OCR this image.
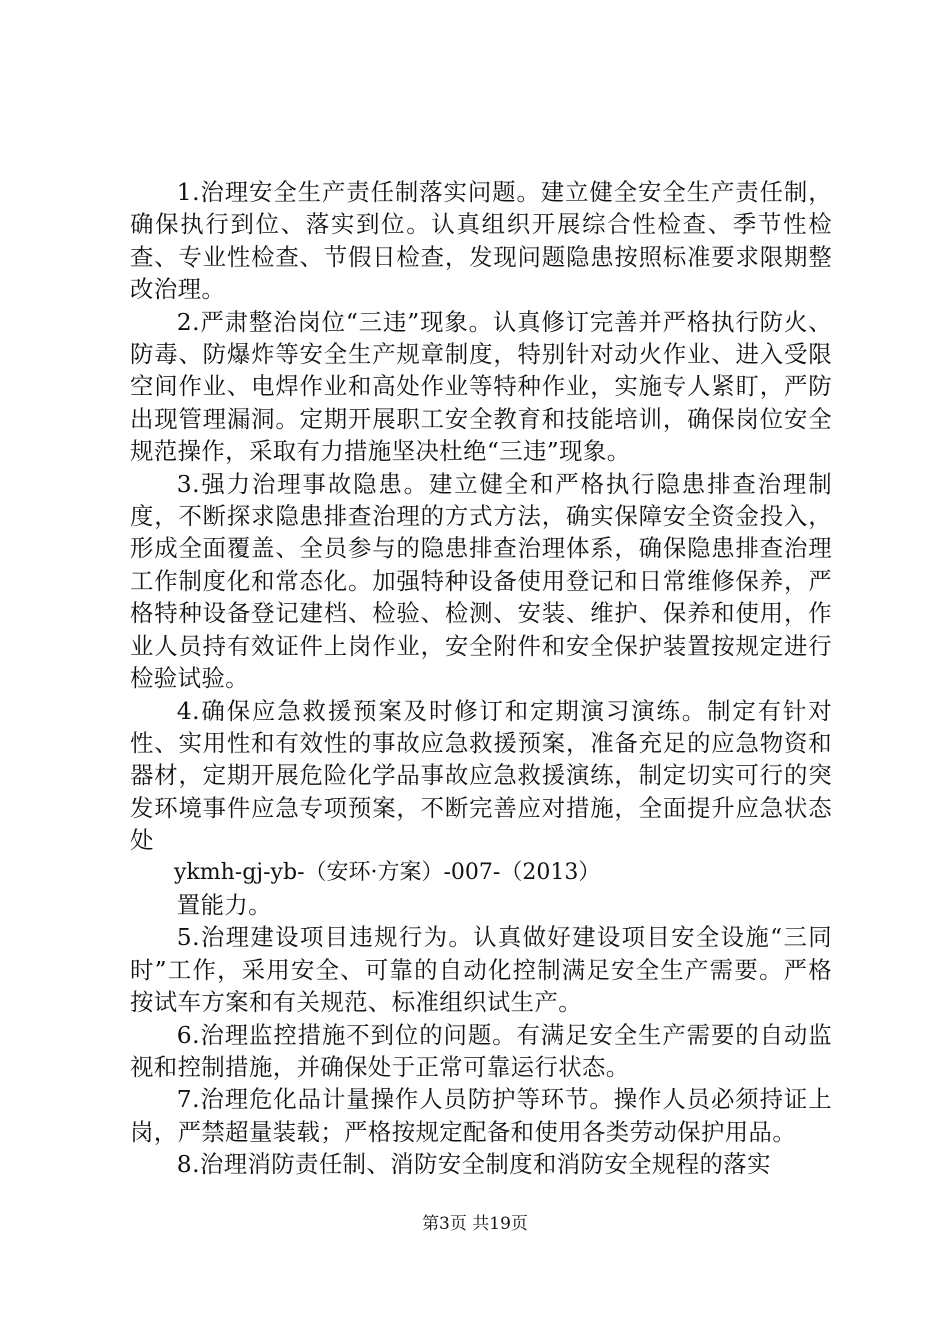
1.治理安全生产责任制落实问题。建立健全安全生产责任制，确保执行到位、落实到位。认真组织开展综合性检查、季节性检查、专业性检查、节假日检查，发现问题隐患按照标准要求限期整改治理。

2.严肃整治岗位“三违”现象。认真修订完善并严格执行防火、防毒、防爆炸等安全生产规章制度，特别针对动火作业、进入受限空间作业、电焊作业和高处作业等特种作业，实施专人紧盯，严防出现管理漏洞。定期开展职工安全教育和技能培训，确保岗位安全规范操作，采取有力措施坚决杜绝“三违”现象。

3.强力治理事故隐患。建立健全和严格执行隐患排查治理制度，不断探求隐患排查治理的方式方法，确实保障安全资金投入，形成全面覆盖、全员参与的隐患排查治理体系，确保隐患排查治理工作制度化和常态化。加强特种设备使用登记和日常维修保养，严格特种设备登记建档、检验、检测、安装、维护、保养和使用，作业人员持有效证件上岗作业，安全附件和安全保护装置按规定进行检验试验。

4.确保应急救援预案及时修订和定期演习演练。制定有针对性、实用性和有效性的事故应急救援预案，准备充足的应急物资和器材，定期开展危险化学品事故应急救援演练，制定切实可行的突发环境事件应急专项预案，不断完善应对措施，全面提升应急状态处

ykmh-gj-yb-（安环·方案）-007-（2013）

置能力。

5.治理建设项目违规行为。认真做好建设项目安全设施“三同时”工作，采用安全、可靠的自动化控制满足安全生产需要。严格按试车方案和有关规范、标准组织试生产。

6.治理监控措施不到位的问题。有满足安全生产需要的自动监视和控制措施，并确保处于正常可靠运行状态。

7.治理危化品计量操作人员防护等环节。操作人员必须持证上岗，严禁超量装载；严格按规定配备和使用各类劳动保护用品。

8.治理消防责任制、消防安全制度和消防安全规程的落实

第3页 共19页
